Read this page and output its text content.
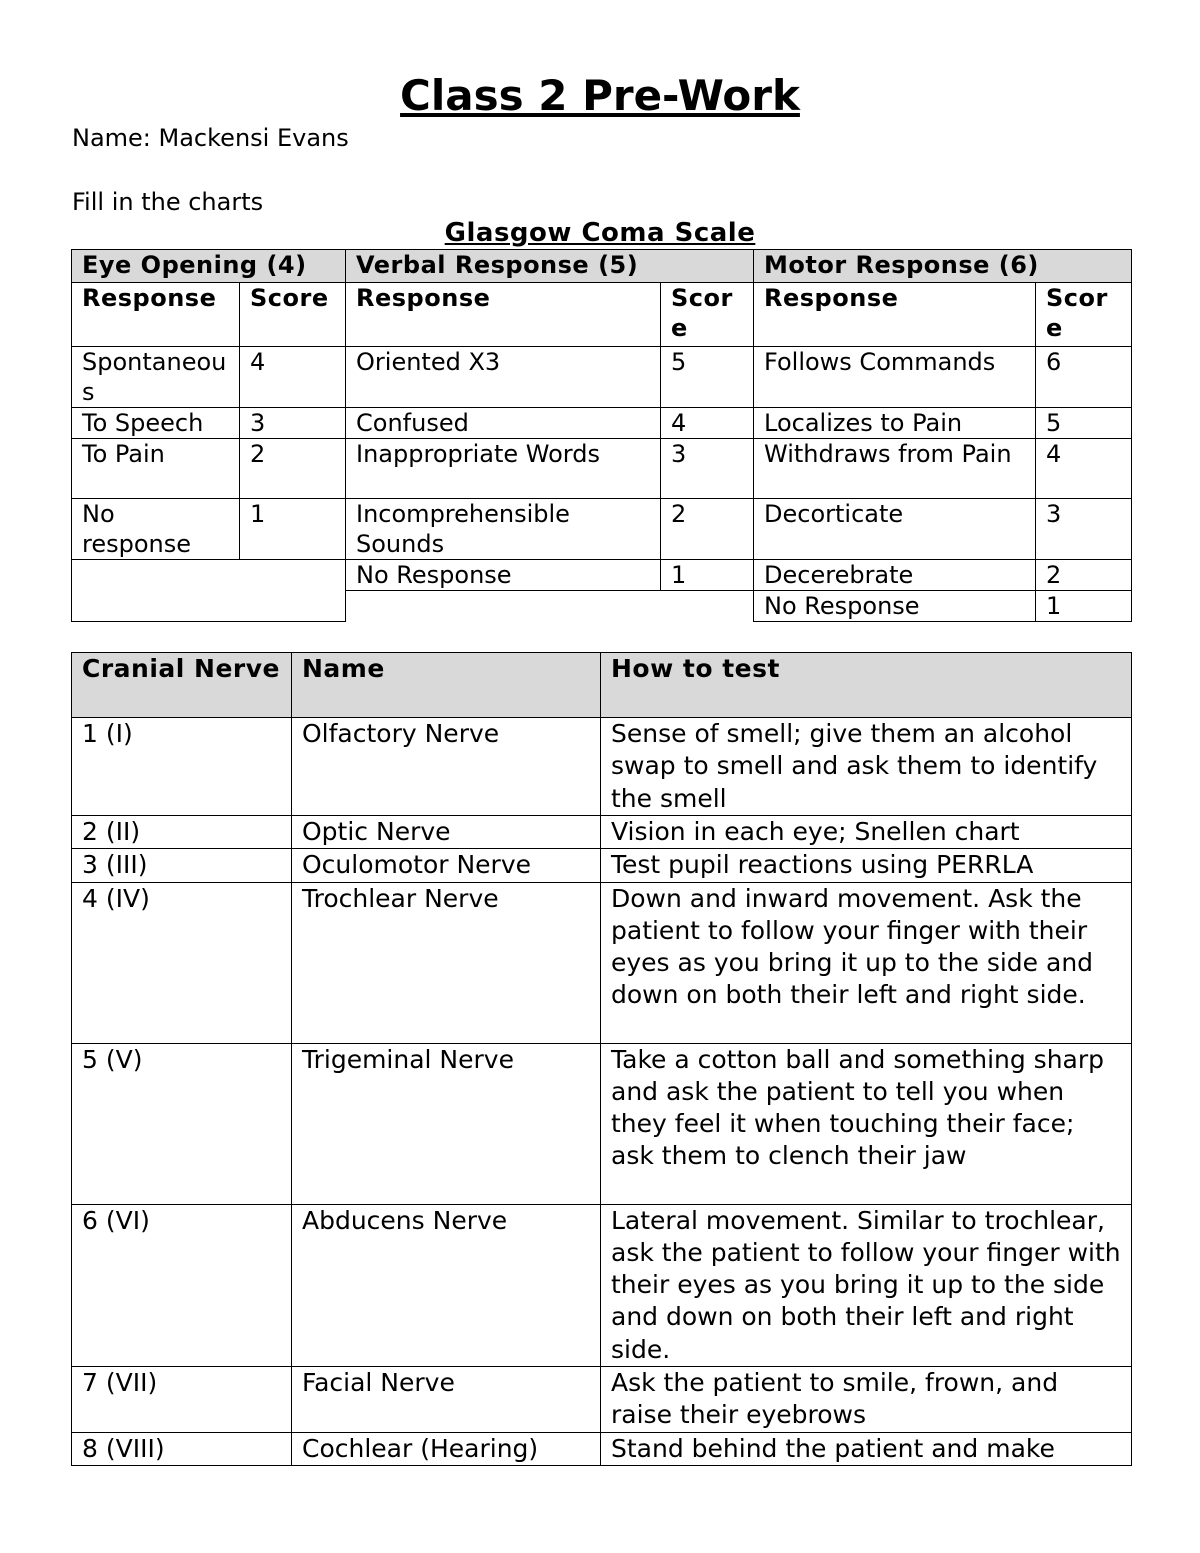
Class 2 Pre-Work
Name: Mackensi Evans
Fill in the charts
Glasgow Coma Scale
Eye Opening (4)		Verbal Response (5)		Motor Response (6)	
Response	Score	Response	Score	Response	Score
Spontaneous	4	Oriented X3	5	Follows Commands	6
To Speech	3	Confused	4	Localizes to Pain	5
To Pain	2	Inappropriate Words	3	Withdraws from Pain	4
No response	1	Incomprehensible Sounds	2	Decorticate	3
		No Response	1	Decerebrate	2
				No Response	1
Cranial Nerve	Name	How to test
1 (I)	Olfactory Nerve	Sense of smell; give them an alcohol swap to smell and ask them to identify the smell
2 (II)	Optic Nerve	Vision in each eye; Snellen chart
3 (III)	Oculomotor Nerve	Test pupil reactions using PERRLA
4 (IV)	Trochlear Nerve	Down and inward movement. Ask the patient to follow your finger with their eyes as you bring it up to the side and down on both their left and right side.
5 (V)	Trigeminal Nerve	Take a cotton ball and something sharp and ask the patient to tell you when they feel it when touching their face; ask them to clench their jaw
6 (VI)	Abducens Nerve	Lateral movement. Similar to trochlear, ask the patient to follow your finger with their eyes as you bring it up to the side and down on both their left and right side.
7 (VII)	Facial Nerve	Ask the patient to smile, frown, and raise their eyebrows
8 (VIII)	Cochlear (Hearing)	Stand behind the patient and make
